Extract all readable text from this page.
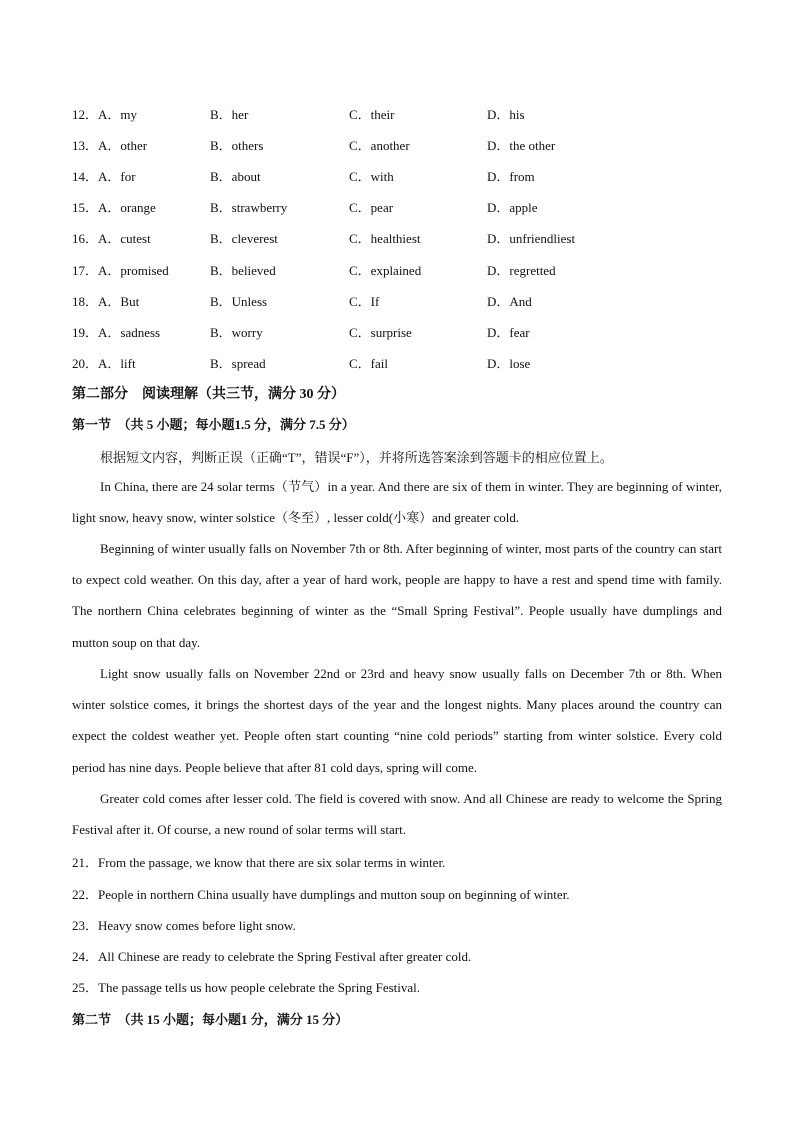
12．A．my	B．her	C．their	D．his
13．A．other	B．others	C．another	D．the other
14．A．for	B．about	C．with	D．from
15．A．orange	B．strawberry	C．pear	D．apple
16．A．cutest	B．cleverest	C．healthiest	D．unfriendliest
17．A．promised	B．believed	C．explained	D．regretted
18．A．But	B．Unless	C．If	D．And
19．A．sadness	B．worry	C．surprise	D．fear
20．A．lift	B．spread	C．fail	D．lose
第二部分　阅读理解（共三节，满分 30 分）
第一节　（共 5 小题；每小题1.5 分，满分 7.5 分）

根据短文内容，判断正误（正确“T”，错误“F”），并将所选答案涂到答题卡的相应位置上。

In China, there are 24 solar terms（节气）in a year. And there are six of them in winter. They are beginning of winter, light snow, heavy snow, winter solstice（冬至）, lesser cold(小寒）and greater cold.

Beginning of winter usually falls on November 7th or 8th. After beginning of winter, most parts of the country can start to expect cold weather. On this day, after a year of hard work, people are happy to have a rest and spend time with family. The northern China celebrates beginning of winter as the “Small Spring Festival”. People usually have dumplings and mutton soup on that day.

Light snow usually falls on November 22nd or 23rd and heavy snow usually falls on December 7th or 8th. When winter solstice comes, it brings the shortest days of the year and the longest nights. Many places around the country can expect the coldest weather yet. People often start counting “nine cold periods” starting from winter solstice. Every cold period has nine days. People believe that after 81 cold days, spring will come.

Greater cold comes after lesser cold. The field is covered with snow. And all Chinese are ready to welcome the Spring Festival after it. Of course, a new round of solar terms will start.

21．From the passage, we know that there are six solar terms in winter.
22．People in northern China usually have dumplings and mutton soup on beginning of winter.
23．Heavy snow comes before light snow.
24．All Chinese are ready to celebrate the Spring Festival after greater cold.
25．The passage tells us how people celebrate the Spring Festival.
第二节　（共 15 小题；每小题1 分，满分 15 分）
